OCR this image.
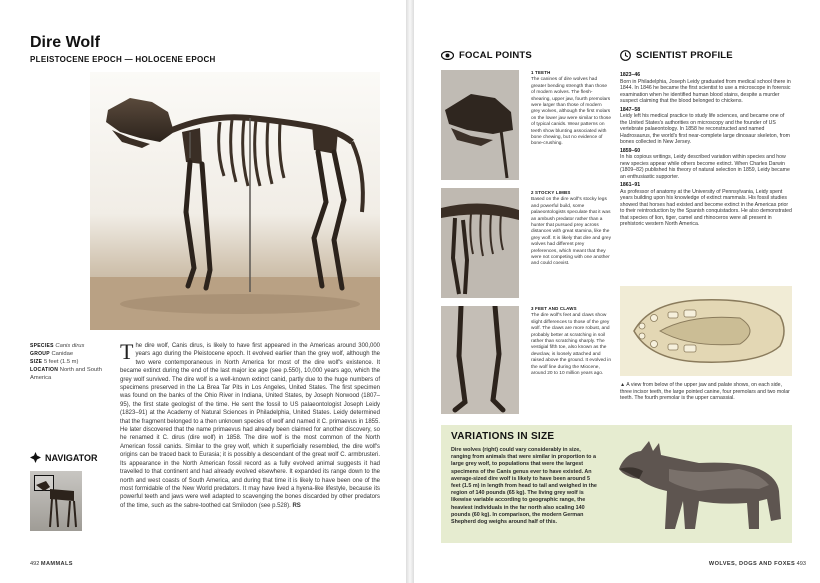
Dire Wolf
PLEISTOCENE EPOCH — HOLOCENE EPOCH
SPECIES Canis dirus
GROUP Canidae
SIZE 5 feet (1.5 m)
LOCATION North and South America
The dire wolf, Canis dirus, is likely to have first appeared in the Americas around 300,000 years ago during the Pleistocene epoch. It evolved earlier than the grey wolf, although the two were contemporaneous in North America for most of the dire wolf's existence. It became extinct during the end of the last major ice age (see p.550), 10,000 years ago, which the grey wolf survived. The dire wolf is a well-known extinct canid, partly due to the huge numbers of specimens preserved in the La Brea Tar Pits in Los Angeles, United States. The first specimen was found on the banks of the Ohio River in Indiana, United States, by Joseph Norwood (1807–95), the first state geologist of the time. He sent the fossil to US palaeontologist Joseph Leidy (1823–91) at the Academy of Natural Sciences in Philadelphia, United States. Leidy determined that the fragment belonged to a then unknown species of wolf and named it C. primaevus in 1855. He later discovered that the name primaevus had already been claimed for another discovery, so he renamed it C. dirus (dire wolf) in 1858. The dire wolf is the most common of the North American fossil canids. Similar to the grey wolf, which it superficially resembled, the dire wolf's origins can be traced back to Eurasia; it is possibly a descendant of the great wolf C. armbrusteri. Its appearance in the North American fossil record as a fully evolved animal suggests it had travelled to that continent and had already evolved elsewhere. It expanded its range down to the north and west coasts of South America, and during that time it is likely to have been one of the most formidable of the New World predators. It may have lived a hyena-like lifestyle, because its powerful teeth and jaws were well adapted to scavenging the bones discarded by other predators of the time, such as the sabre-toothed cat Smilodon (see p.528). RS
NAVIGATOR
492 MAMMALS
FOCAL POINTS	SCIENTIST PROFILE
1 TEETH
The canines of dire wolves had greater bending strength than those of modern wolves. The flesh-shearing, upper jaw, fourth premolars were larger than those of modern grey wolves, although the first molars on the lower jaw were similar to those of typical canids. Wear patterns on teeth show blunting associated with bone chewing, but no evidence of bone-crushing.
2 STOCKY LIMBS
Based on the dire wolf's stocky legs and powerful build, some palaeontologists speculate that it was an ambush predator rather than a hunter that pursued prey across distances with great stamina, like the grey wolf. It is likely that dire and grey wolves had different prey preferences, which meant that they were not competing with one another and could coexist.
3 FEET AND CLAWS
The dire wolf's feet and claws show slight differences to those of the grey wolf. The claws are more robust, and probably better at scratching in soil rather than scratching sharply. The vestigial fifth toe, also known as the dewclaw, is loosely attached and raised above the ground. It evolved in the wolf line during the Miocene, around 20 to 10 million years ago.
1823–46

Born in Philadelphia, Joseph Leidy graduated from medical school there in 1844. In 1846 he became the first scientist to use a microscope in forensic examination when he identified human blood stains, despite a murder suspect claiming that the blood belonged to chickens.

1847–58

Leidy left his medical practice to study life sciences, and became one of the United States's authorities on microscopy and the founder of US vertebrate palaeontology. In 1858 he reconstructed and named Hadrosaurus, the world's first near-complete large dinosaur skeleton, from bones collected in New Jersey.

1859–60

In his copious writings, Leidy described variation within species and how new species appear while others become extinct. When Charles Darwin (1809–82) published his theory of natural selection in 1859, Leidy became an enthusiastic supporter.

1861–91

As professor of anatomy at the University of Pennsylvania, Leidy spent years building upon his knowledge of extinct mammals. His fossil studies showed that horses had existed and become extinct in the Americas prior to their reintroduction by the Spanish conquistadors. He also demonstrated that species of lion, tiger, camel and rhinoceros were all present in prehistoric western North America.

▲ A view from below of the upper jaw and palate shows, on each side, three incisor teeth, the large pointed canine, four premolars and two molar teeth. The fourth premolar is the upper carnassial.
VARIATIONS IN SIZE
Dire wolves (right) could vary considerably in size, ranging from animals that were similar in proportion to a large grey wolf, to populations that were the largest specimens of the Canis genus ever to have existed. An average-sized dire wolf is likely to have been around 5 feet (1.5 m) in length from head to tail and weighed in the region of 140 pounds (65 kg). The living grey wolf is likewise variable according to geographic range, the heaviest individuals in the far north also scaling 140 pounds (60 kg). In comparison, the modern German Shepherd dog weighs around half of this.
WOLVES, DOGS AND FOXES 493
